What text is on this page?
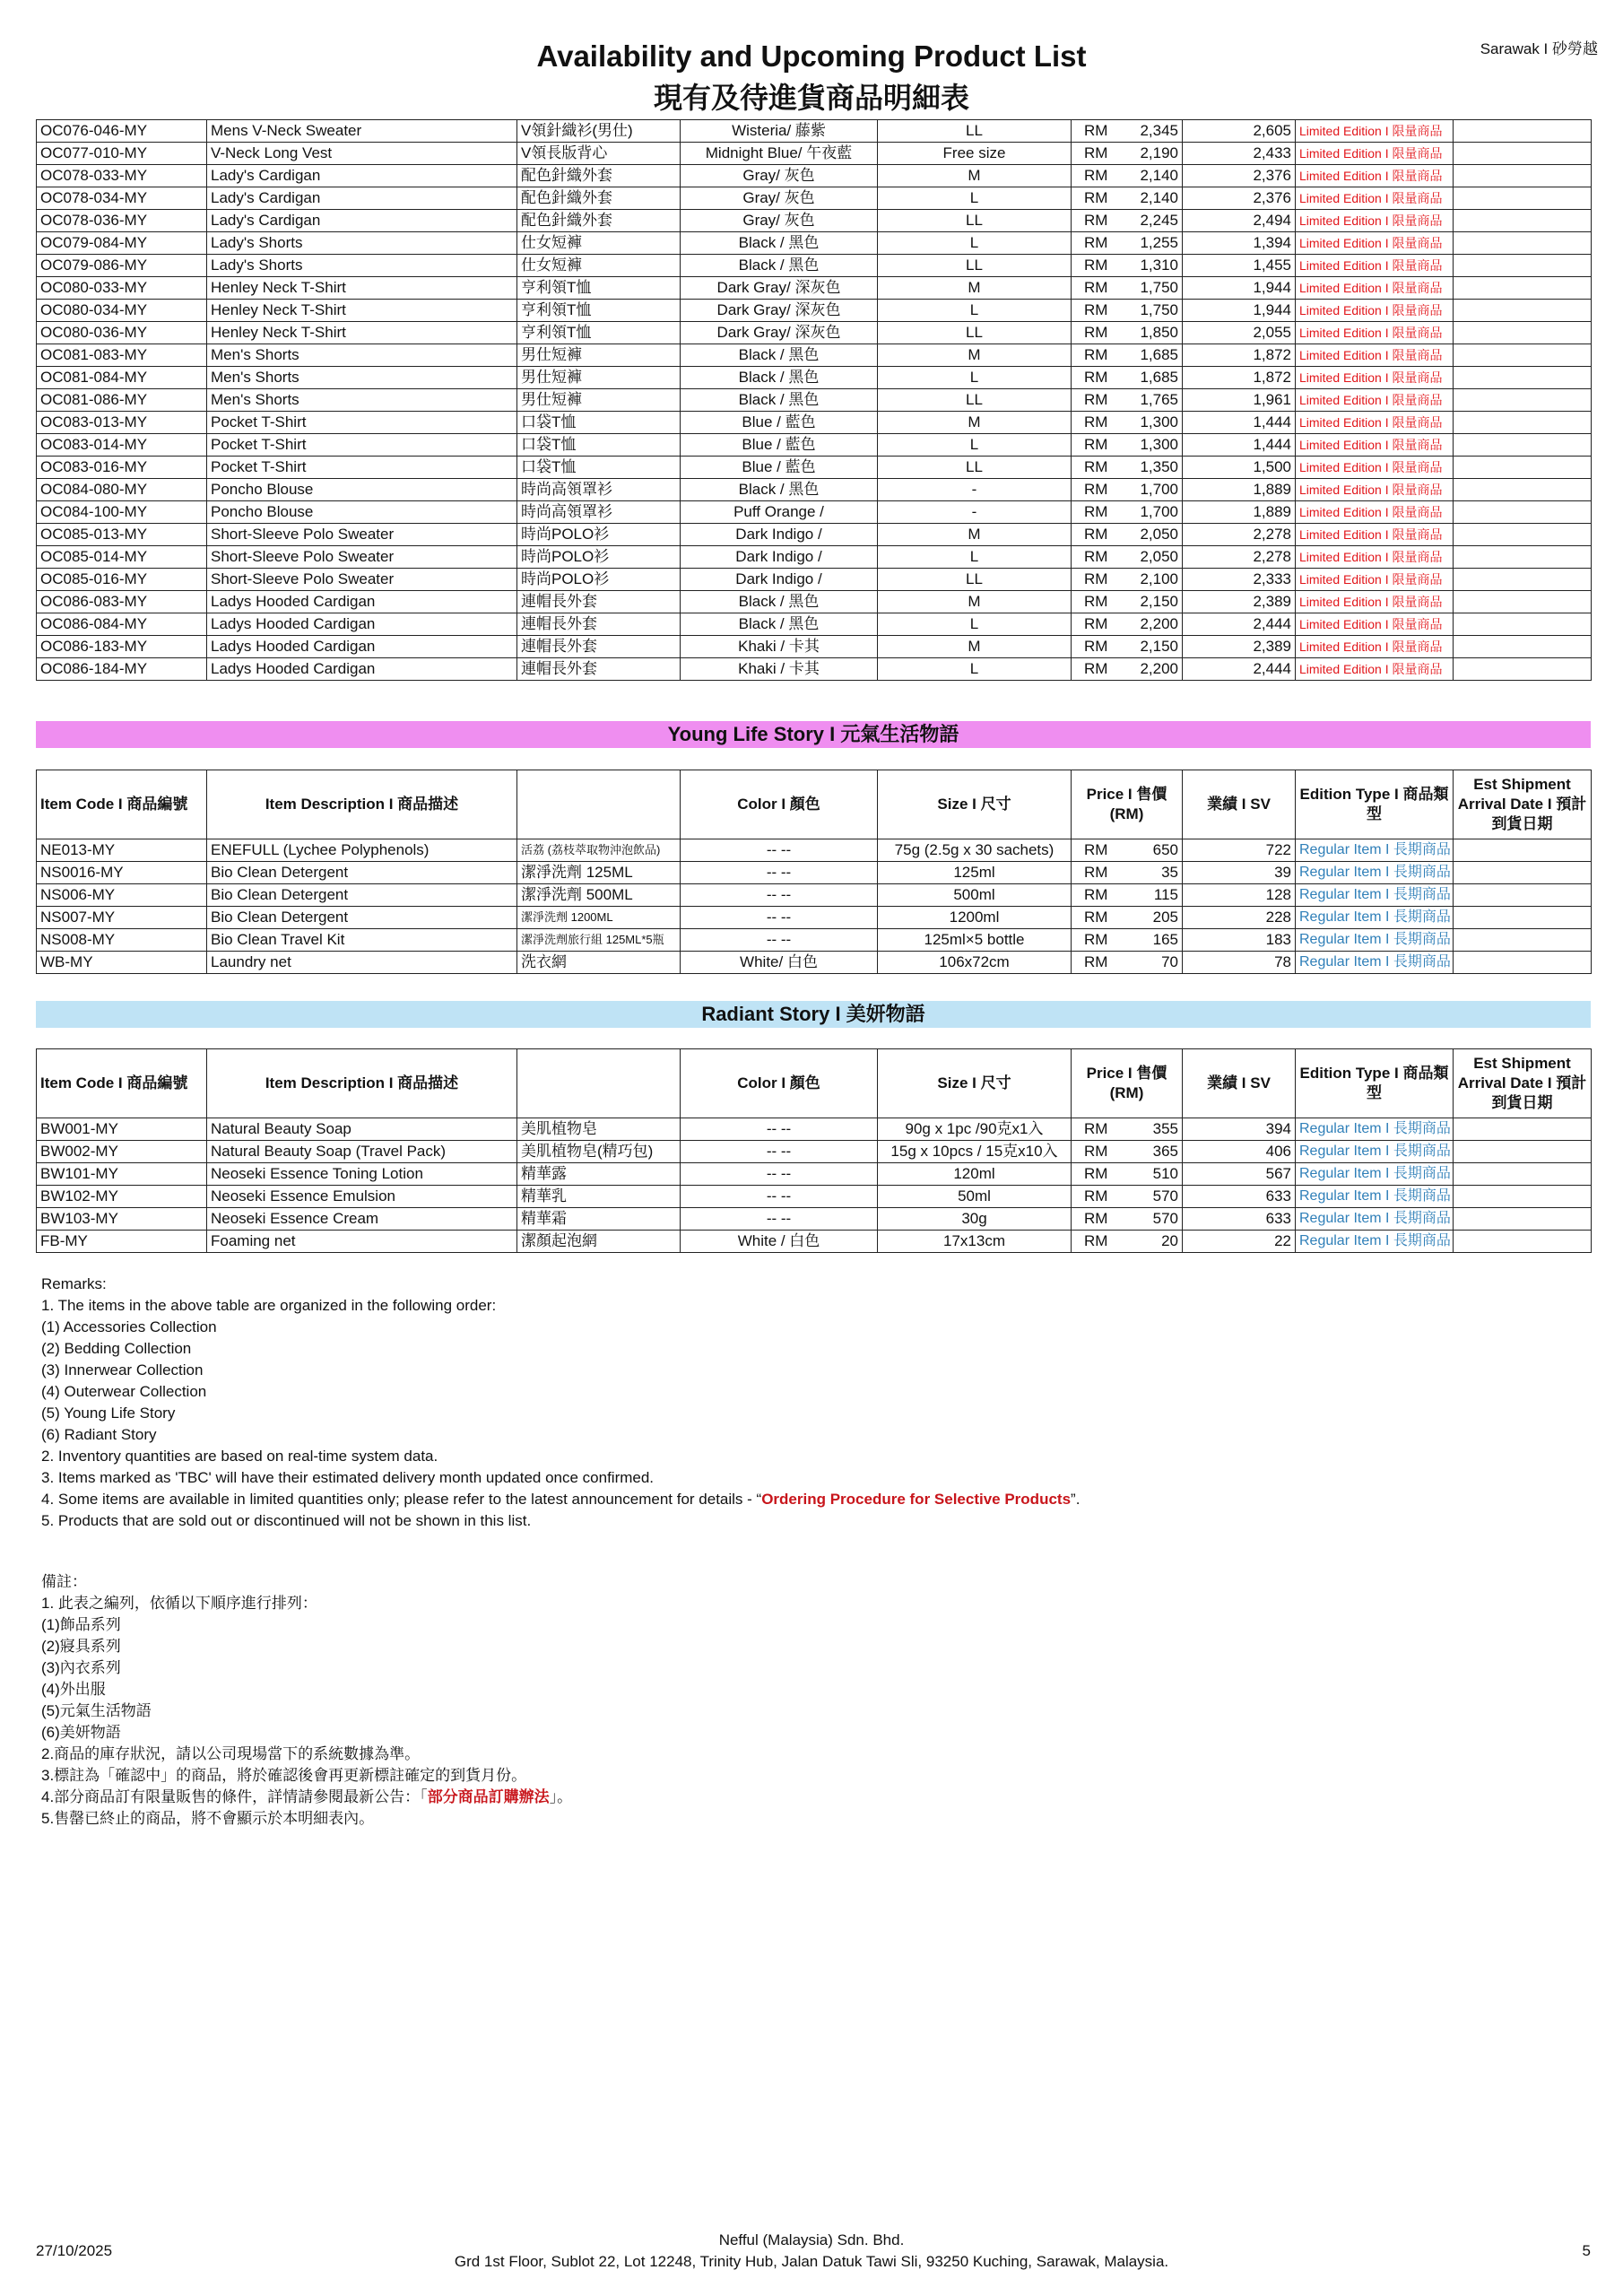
Sarawak I 砂勞越
Availability and Upcoming Product List
現有及待進貨商品明細表
OC076-046-MY	Mens V-Neck Sweater	V領針織衫(男仕)	Wisteria/ 藤紫	LL	RM	2,345	2,605	Limited Edition I 限量商品	
OC077-010-MY	V-Neck Long Vest	V領長版背心	Midnight Blue/ 午夜藍	Free size	RM	2,190	2,433	Limited Edition I 限量商品	
OC078-033-MY	Lady's Cardigan	配色針織外套	Gray/ 灰色	M	RM	2,140	2,376	Limited Edition I 限量商品	
OC078-034-MY	Lady's Cardigan	配色針織外套	Gray/ 灰色	L	RM	2,140	2,376	Limited Edition I 限量商品	
OC078-036-MY	Lady's Cardigan	配色針織外套	Gray/ 灰色	LL	RM	2,245	2,494	Limited Edition I 限量商品	
OC079-084-MY	Lady's Shorts	仕女短褲	Black / 黑色	L	RM	1,255	1,394	Limited Edition I 限量商品	
OC079-086-MY	Lady's Shorts	仕女短褲	Black / 黑色	LL	RM	1,310	1,455	Limited Edition I 限量商品	
OC080-033-MY	Henley Neck T-Shirt	亨利領T恤	Dark Gray/ 深灰色	M	RM	1,750	1,944	Limited Edition I 限量商品	
OC080-034-MY	Henley Neck T-Shirt	亨利領T恤	Dark Gray/ 深灰色	L	RM	1,750	1,944	Limited Edition I 限量商品	
OC080-036-MY	Henley Neck T-Shirt	亨利領T恤	Dark Gray/ 深灰色	LL	RM	1,850	2,055	Limited Edition I 限量商品	
OC081-083-MY	Men's Shorts	男仕短褲	Black / 黑色	M	RM	1,685	1,872	Limited Edition I 限量商品	
OC081-084-MY	Men's Shorts	男仕短褲	Black / 黑色	L	RM	1,685	1,872	Limited Edition I 限量商品	
OC081-086-MY	Men's Shorts	男仕短褲	Black / 黑色	LL	RM	1,765	1,961	Limited Edition I 限量商品	
OC083-013-MY	Pocket T-Shirt	口袋T恤	Blue / 藍色	M	RM	1,300	1,444	Limited Edition I 限量商品	
OC083-014-MY	Pocket T-Shirt	口袋T恤	Blue / 藍色	L	RM	1,300	1,444	Limited Edition I 限量商品	
OC083-016-MY	Pocket T-Shirt	口袋T恤	Blue / 藍色	LL	RM	1,350	1,500	Limited Edition I 限量商品	
OC084-080-MY	Poncho Blouse	時尚高領罩衫	Black / 黑色	-	RM	1,700	1,889	Limited Edition I 限量商品	
OC084-100-MY	Poncho Blouse	時尚高領罩衫	Puff Orange /	-	RM	1,700	1,889	Limited Edition I 限量商品	
OC085-013-MY	Short-Sleeve Polo Sweater	時尚POLO衫	Dark Indigo /	M	RM	2,050	2,278	Limited Edition I 限量商品	
OC085-014-MY	Short-Sleeve Polo Sweater	時尚POLO衫	Dark Indigo /	L	RM	2,050	2,278	Limited Edition I 限量商品	
OC085-016-MY	Short-Sleeve Polo Sweater	時尚POLO衫	Dark Indigo /	LL	RM	2,100	2,333	Limited Edition I 限量商品	
OC086-083-MY	Ladys Hooded Cardigan	連帽長外套	Black / 黑色	M	RM	2,150	2,389	Limited Edition I 限量商品	
OC086-084-MY	Ladys Hooded Cardigan	連帽長外套	Black / 黑色	L	RM	2,200	2,444	Limited Edition I 限量商品	
OC086-183-MY	Ladys Hooded Cardigan	連帽長外套	Khaki / 卡其	M	RM	2,150	2,389	Limited Edition I 限量商品	
OC086-184-MY	Ladys Hooded Cardigan	連帽長外套	Khaki / 卡其	L	RM	2,200	2,444	Limited Edition I 限量商品	
Young Life Story I 元氣生活物語
Item Code I 商品編號	Item Description I 商品描述		Color I 顏色	Size I 尺寸	Price I 售價 (RM)		業績 I SV	Edition Type I 商品類型	Est Shipment Arrival Date I 預計到貨日期
NE013-MY	ENEFULL (Lychee Polyphenols)	活荔 (荔枝萃取物沖泡飲品)	-- --	75g (2.5g x 30 sachets)	RM	650	722	Regular Item I 長期商品	
NS0016-MY	Bio Clean Detergent	潔淨洗劑 125ML	-- --	125ml	RM	35	39	Regular Item I 長期商品	
NS006-MY	Bio Clean Detergent	潔淨洗劑 500ML	-- --	500ml	RM	115	128	Regular Item I 長期商品	
NS007-MY	Bio Clean Detergent	潔淨洗劑 1200ML	-- --	1200ml	RM	205	228	Regular Item I 長期商品	
NS008-MY	Bio Clean Travel Kit	潔淨洗劑旅行組 125ML*5瓶	-- --	125ml×5 bottle	RM	165	183	Regular Item I 長期商品	
WB-MY	Laundry net	洗衣網	White/ 白色	106x72cm	RM	70	78	Regular Item I 長期商品	
Radiant Story I 美妍物語
Item Code I 商品編號	Item Description I 商品描述		Color I 顏色	Size I 尺寸	Price I 售價 (RM)		業績 I SV	Edition Type I 商品類型	Est Shipment Arrival Date I 預計到貨日期
BW001-MY	Natural Beauty Soap	美肌植物皂	-- --	90g x 1pc /90克x1入	RM	355	394	Regular Item I 長期商品	
BW002-MY	Natural Beauty Soap (Travel Pack)	美肌植物皂(精巧包)	-- --	15g x 10pcs / 15克x10入	RM	365	406	Regular Item I 長期商品	
BW101-MY	Neoseki Essence Toning Lotion	精華露	-- --	120ml	RM	510	567	Regular Item I 長期商品	
BW102-MY	Neoseki Essence Emulsion	精華乳	-- --	50ml	RM	570	633	Regular Item I 長期商品	
BW103-MY	Neoseki Essence Cream	精華霜	-- --	30g	RM	570	633	Regular Item I 長期商品	
FB-MY	Foaming net	潔顏起泡網	White / 白色	17x13cm	RM	20	22	Regular Item I 長期商品	
Remarks:
1. The items in the above table are organized in the following order:
(1) Accessories Collection
(2) Bedding Collection
(3) Innerwear Collection
(4) Outerwear Collection
(5) Young Life Story
(6) Radiant Story
2. Inventory quantities are based on real-time system data.
3. Items marked as 'TBC' will have their estimated delivery month updated once confirmed.
4. Some items are available in limited quantities only; please refer to the latest announcement for details - “Ordering Procedure for Selective Products”.
5. Products that are sold out or discontinued will not be shown in this list.
備註：
1. 此表之編列，依循以下順序進行排列：
(1)飾品系列
(2)寢具系列
(3)內衣系列
(4)外出服
(5)元氣生活物語
(6)美妍物語
2.商品的庫存狀況，請以公司現場當下的系統數據為準。
3.標註為「確認中」的商品，將於確認後會再更新標註確定的到貨月份。
4.部分商品訂有限量販售的條件，詳情請參閱最新公告：「部分商品訂購辦法」。
5.售罄已終止的商品，將不會顯示於本明細表內。
27/10/2025
Nefful (Malaysia) Sdn. Bhd.
Grd 1st Floor, Sublot 22, Lot 12248, Trinity Hub, Jalan Datuk Tawi Sli, 93250 Kuching, Sarawak, Malaysia.
5
